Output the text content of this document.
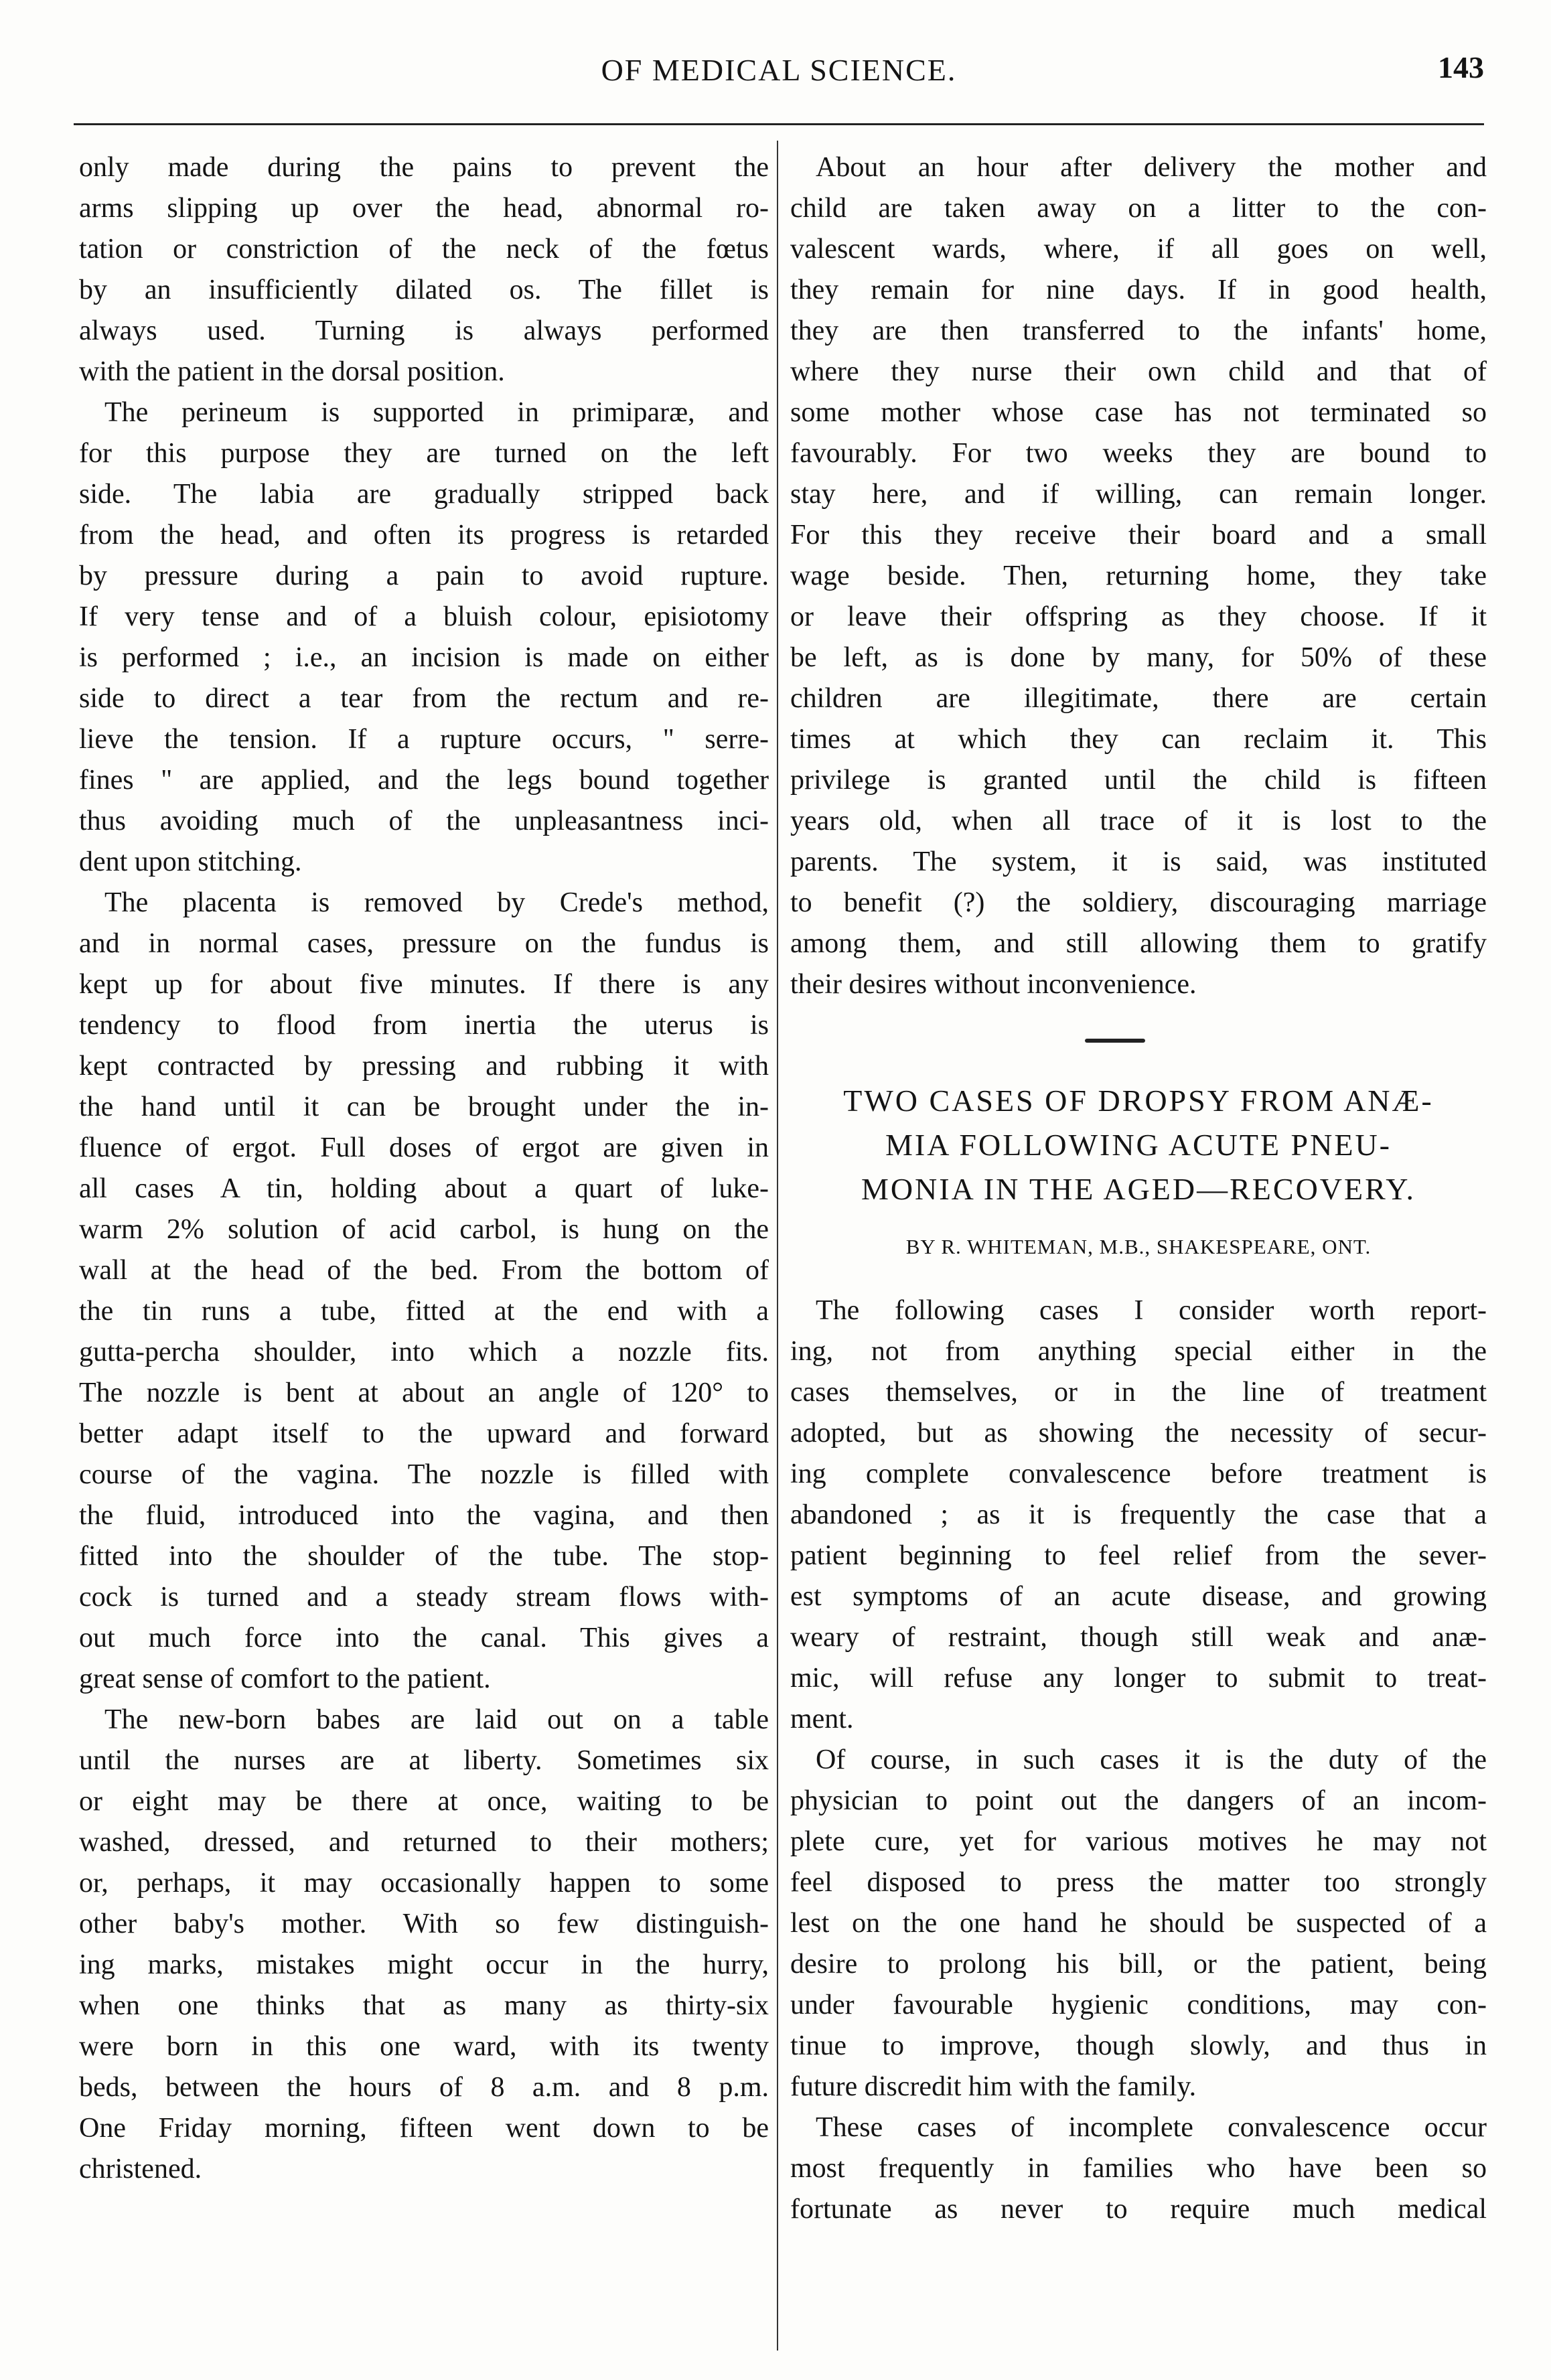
OF MEDICAL SCIENCE.	143
only made during the pains to prevent the
arms slipping up over the head, abnormal ro-
tation or constriction of the neck of the fœtus
by an insufficiently dilated os. The fillet is
always used. Turning is always performed
with the patient in the dorsal position.
The perineum is supported in primiparæ, and
for this purpose they are turned on the left
side. The labia are gradually stripped back
from the head, and often its progress is retarded
by pressure during a pain to avoid rupture.
If very tense and of a bluish colour, episiotomy
is performed ; i.e., an incision is made on either
side to direct a tear from the rectum and re-
lieve the tension. If a rupture occurs, " serre-
fines " are applied, and the legs bound together
thus avoiding much of the unpleasantness inci-
dent upon stitching.
The placenta is removed by Crede's method,
and in normal cases, pressure on the fundus is
kept up for about five minutes. If there is any
tendency to flood from inertia the uterus is
kept contracted by pressing and rubbing it with
the hand until it can be brought under the in-
fluence of ergot. Full doses of ergot are given in
all cases A tin, holding about a quart of luke-
warm 2% solution of acid carbol, is hung on the
wall at the head of the bed. From the bottom of
the tin runs a tube, fitted at the end with a
gutta-percha shoulder, into which a nozzle fits.
The nozzle is bent at about an angle of 120° to
better adapt itself to the upward and forward
course of the vagina. The nozzle is filled with
the fluid, introduced into the vagina, and then
fitted into the shoulder of the tube. The stop-
cock is turned and a steady stream flows with-
out much force into the canal. This gives a
great sense of comfort to the patient.
The new-born babes are laid out on a table
until the nurses are at liberty. Sometimes six
or eight may be there at once, waiting to be
washed, dressed, and returned to their mothers;
or, perhaps, it may occasionally happen to some
other baby's mother. With so few distinguish-
ing marks, mistakes might occur in the hurry,
when one thinks that as many as thirty-six
were born in this one ward, with its twenty
beds, between the hours of 8 a.m. and 8 p.m.
One Friday morning, fifteen went down to be
christened.
About an hour after delivery the mother and
child are taken away on a litter to the con-
valescent wards, where, if all goes on well,
they remain for nine days. If in good health,
they are then transferred to the infants' home,
where they nurse their own child and that of
some mother whose case has not terminated so
favourably. For two weeks they are bound to
stay here, and if willing, can remain longer.
For this they receive their board and a small
wage beside. Then, returning home, they take
or leave their offspring as they choose. If it
be left, as is done by many, for 50% of these
children are illegitimate, there are certain
times at which they can reclaim it. This
privilege is granted until the child is fifteen
years old, when all trace of it is lost to the
parents. The system, it is said, was instituted
to benefit (?) the soldiery, discouraging marriage
among them, and still allowing them to gratify
their desires without inconvenience.
TWO CASES OF DROPSY FROM ANÆ-
MIA FOLLOWING ACUTE PNEU-
MONIA IN THE AGED—RECOVERY.
BY R. WHITEMAN, M.B., SHAKESPEARE, ONT.
The following cases I consider worth report-
ing, not from anything special either in the
cases themselves, or in the line of treatment
adopted, but as showing the necessity of secur-
ing complete convalescence before treatment is
abandoned ; as it is frequently the case that a
patient beginning to feel relief from the sever-
est symptoms of an acute disease, and growing
weary of restraint, though still weak and anæ-
mic, will refuse any longer to submit to treat-
ment.
Of course, in such cases it is the duty of the
physician to point out the dangers of an incom-
plete cure, yet for various motives he may not
feel disposed to press the matter too strongly
lest on the one hand he should be suspected of a
desire to prolong his bill, or the patient, being
under favourable hygienic conditions, may con-
tinue to improve, though slowly, and thus in
future discredit him with the family.
These cases of incomplete convalescence occur
most frequently in families who have been so
fortunate as never to require much medical
